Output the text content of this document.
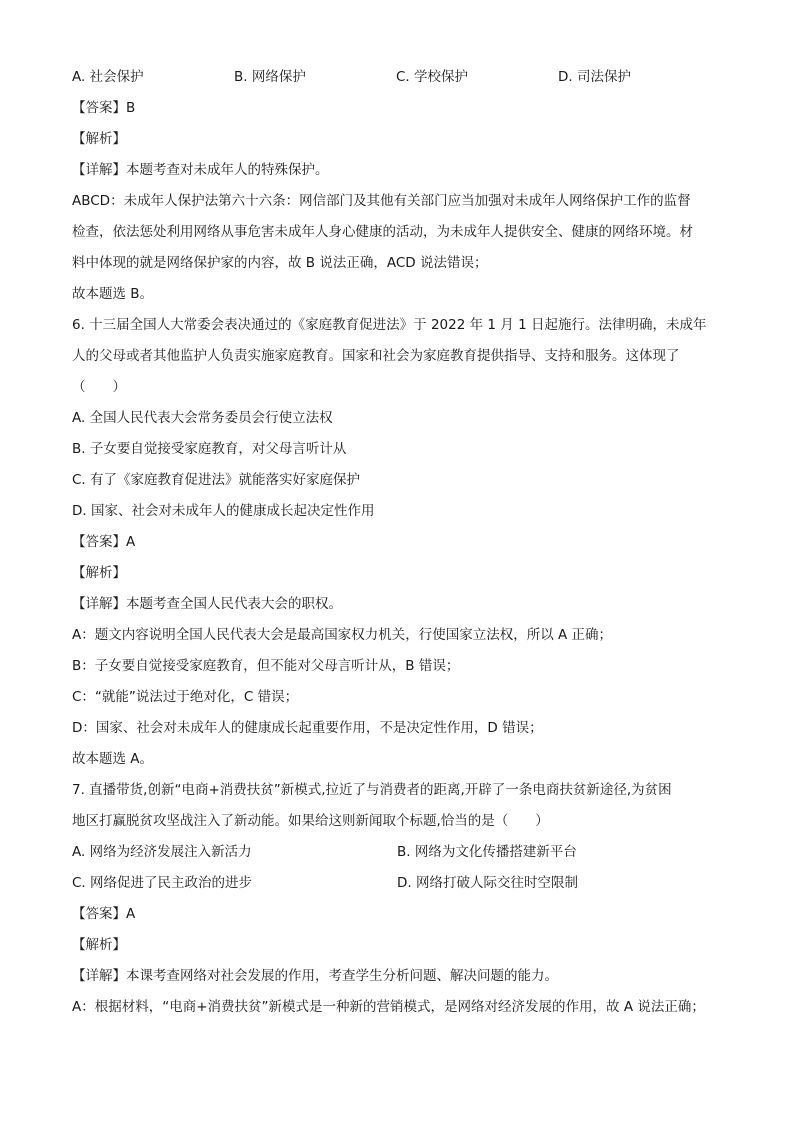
A. 社会保护	B. 网络保护	C. 学校保护	D. 司法保护
【答案】B
【解析】
【详解】本题考查对未成年人的特殊保护。
ABCD：未成年人保护法第六十六条：网信部门及其他有关部门应当加强对未成年人网络保护工作的监督
检查，依法惩处利用网络从事危害未成年人身心健康的活动，为未成年人提供安全、健康的网络环境。材
料中体现的就是网络保护家的内容，故 B 说法正确，ACD 说法错误；
故本题选 B。
6. 十三届全国人大常委会表决通过的《家庭教育促进法》于 2022 年 1 月 1 日起施行。法律明确，未成年
人的父母或者其他监护人负责实施家庭教育。国家和社会为家庭教育提供指导、支持和服务。这体现了
（　　）
A. 全国人民代表大会常务委员会行使立法权
B. 子女要自觉接受家庭教育，对父母言听计从
C. 有了《家庭教育促进法》就能落实好家庭保护
D. 国家、社会对未成年人的健康成长起决定性作用
【答案】A
【解析】
【详解】本题考查全国人民代表大会的职权。
A：题文内容说明全国人民代表大会是最高国家权力机关，行使国家立法权，所以 A 正确；
B：子女要自觉接受家庭教育，但不能对父母言听计从，B 错误；
C：“就能”说法过于绝对化，C 错误；
D：国家、社会对未成年人的健康成长起重要作用，不是决定性作用，D 错误；
故本题选 A。
7. 直播带货,创新“电商+消费扶贫”新模式,拉近了与消费者的距离,开辟了一条电商扶贫新途径,为贫困
地区打赢脱贫攻坚战注入了新动能。如果给这则新闻取个标题,恰当的是（　　）
A. 网络为经济发展注入新活力	B. 网络为文化传播搭建新平台
C. 网络促进了民主政治的进步	D. 网络打破人际交往时空限制
【答案】A
【解析】
【详解】本课考查网络对社会发展的作用，考查学生分析问题、解决问题的能力。
A：根据材料，“电商+消费扶贫”新模式是一种新的营销模式，是网络对经济发展的作用，故 A 说法正确；
